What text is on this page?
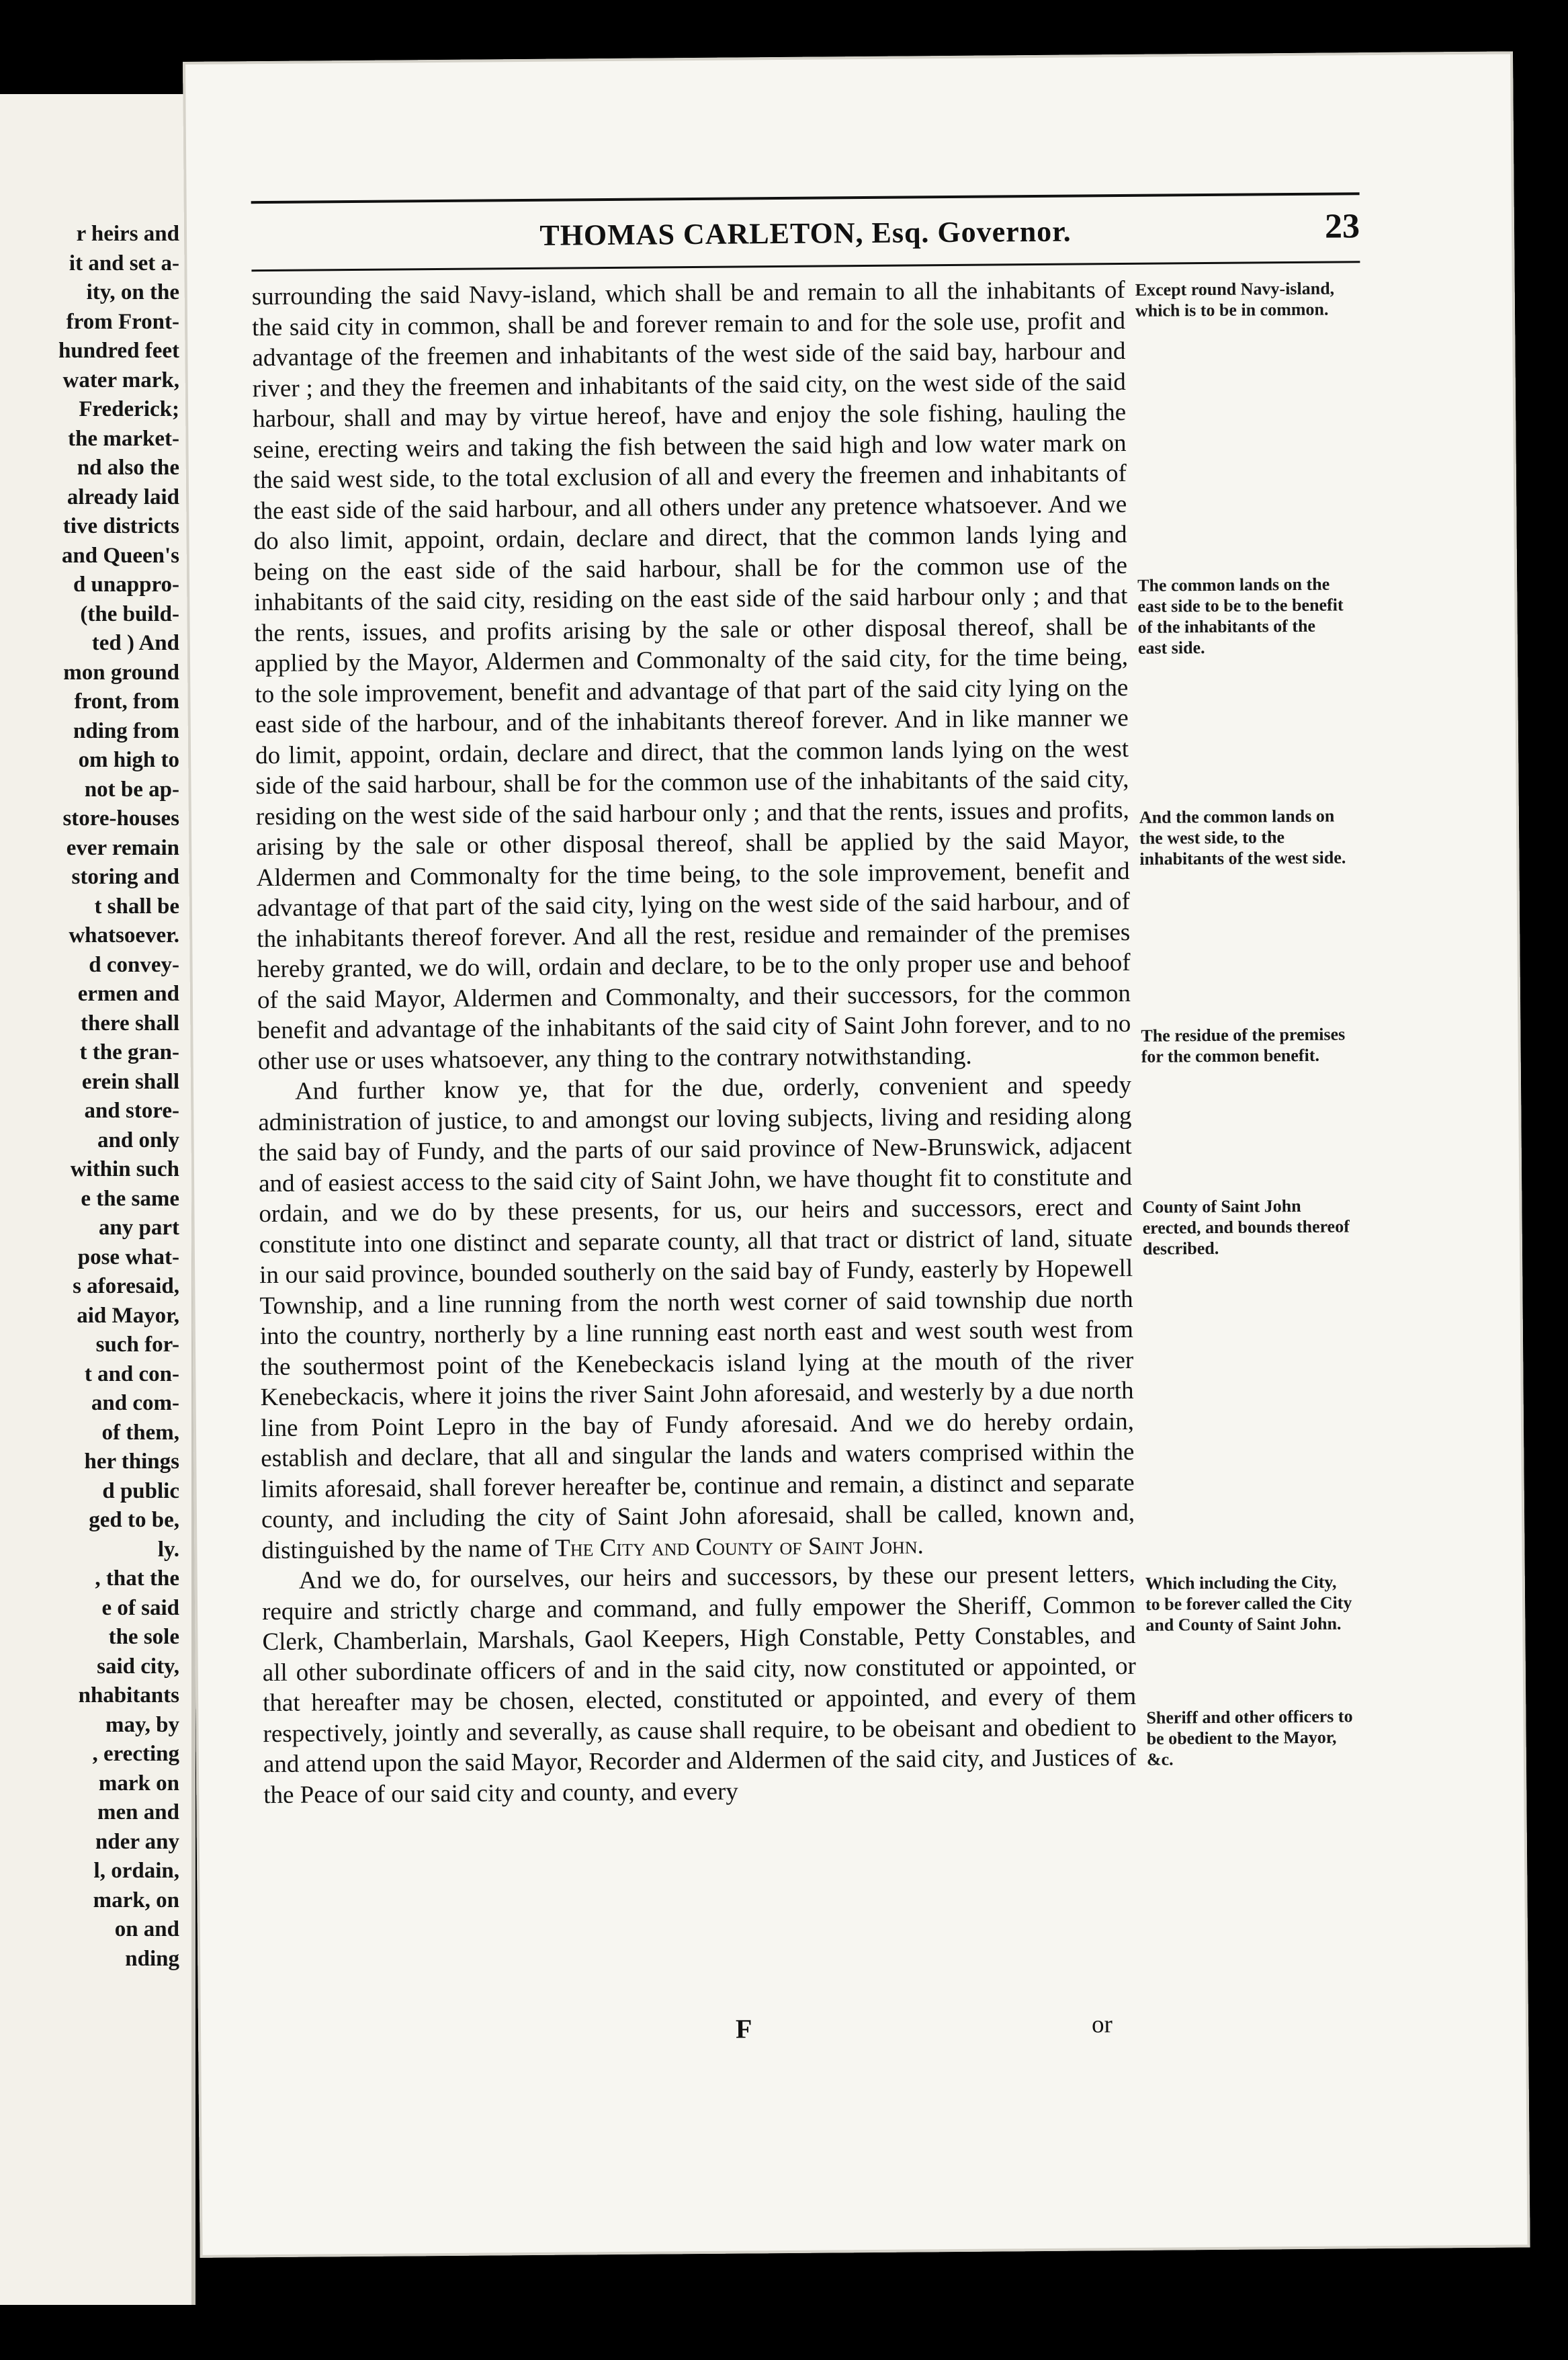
r heirs and
it and set a-
ity, on the
from Front-
hundred feet
water mark,
Frederick;
the market-
nd also the
already laid
tive districts
and Queen's
d unappro-
(the build-
ted ) And
mon ground
front, from
nding from
om high to
not be ap-
store-houses
ever remain
storing and
t shall be
whatsoever.
d convey-
ermen and
there shall
t the gran-
erein shall
and store-
and only
within such
e the same
any part
pose what-
s aforesaid,
aid Mayor,
such for-
t and con-
and com-
of them,
her things
d public
ged to be,
ly.
, that the
e of said
the sole
said city,
nhabitants
may, by
, erecting
mark on
men and
nder any
l, ordain,
mark, on
on and
nding
THOMAS CARLETON, Esq. Governor.	23

surrounding the said Navy-island, which shall be and remain to all the inhabitants of the said city in common, shall be and forever remain to and for the sole use, profit and advantage of the freemen and inhabitants of the west side of the said bay, harbour and river ; and they the freemen and inhabitants of the said city, on the west side of the said harbour, shall and may by virtue hereof, have and enjoy the sole fishing, hauling the seine, erecting weirs and taking the fish between the said high and low water mark on the said west side, to the total exclusion of all and every the freemen and inhabitants of the east side of the said harbour, and all others under any pretence whatsoever. And we do also limit, appoint, ordain, declare and direct, that the common lands lying and being on the east side of the said harbour, shall be for the common use of the inhabitants of the said city, residing on the east side of the said harbour only ; and that the rents, issues, and profits arising by the sale or other disposal thereof, shall be applied by the Mayor, Aldermen and Commonalty of the said city, for the time being, to the sole improvement, benefit and advantage of that part of the said city lying on the east side of the harbour, and of the inhabitants thereof forever. And in like manner we do limit, appoint, ordain, declare and direct, that the common lands lying on the west side of the said harbour, shall be for the common use of the inhabitants of the said city, residing on the west side of the said harbour only ; and that the rents, issues and profits, arising by the sale or other disposal thereof, shall be applied by the said Mayor, Aldermen and Commonalty for the time being, to the sole improvement, benefit and advantage of that part of the said city, lying on the west side of the said harbour, and of the inhabitants thereof forever. And all the rest, residue and remainder of the premises hereby granted, we do will, ordain and declare, to be to the only proper use and behoof of the said Mayor, Aldermen and Commonalty, and their successors, for the common benefit and advantage of the inhabitants of the said city of Saint John forever, and to no other use or uses whatsoever, any thing to the contrary notwithstanding.

And further know ye, that for the due, orderly, convenient and speedy administration of justice, to and amongst our loving subjects, living and residing along the said bay of Fundy, and the parts of our said province of New-Brunswick, adjacent and of easiest access to the said city of Saint John, we have thought fit to constitute and ordain, and we do by these presents, for us, our heirs and successors, erect and constitute into one distinct and separate county, all that tract or district of land, situate in our said province, bounded southerly on the said bay of Fundy, easterly by Hopewell Township, and a line running from the north west corner of said township due north into the country, northerly by a line running east north east and west south west from the southermost point of the Kenebeckacis island lying at the mouth of the river Kenebeckacis, where it joins the river Saint John aforesaid, and westerly by a due north line from Point Lepro in the bay of Fundy aforesaid. And we do hereby ordain, establish and declare, that all and singular the lands and waters comprised within the limits aforesaid, shall forever hereafter be, continue and remain, a distinct and separate county, and including the city of Saint John aforesaid, shall be called, known and, distinguished by the name of The City and County of Saint John.

And we do, for ourselves, our heirs and successors, by these our present letters, require and strictly charge and command, and fully empower the Sheriff, Common Clerk, Chamberlain, Marshals, Gaol Keepers, High Constable, Petty Constables, and all other subordinate officers of and in the said city, now constituted or appointed, or that hereafter may be chosen, elected, constituted or appointed, and every of them respectively, jointly and severally, as cause shall require, to be obeisant and obedient to and attend upon the said Mayor, Recorder and Aldermen of the said city, and Justices of the Peace of our said city and county, and every

Except round Navy-island, which is to be in common.
The common lands on the east side to be to the benefit of the inhabitants of the east side.
And the common lands on the west side, to the inhabitants of the west side.
The residue of the premises for the common benefit.
County of Saint John erected, and bounds thereof described.
Which including the City, to be forever called the City and County of Saint John.
Sheriff and other officers to be obedient to the Mayor, &c.
F	or
